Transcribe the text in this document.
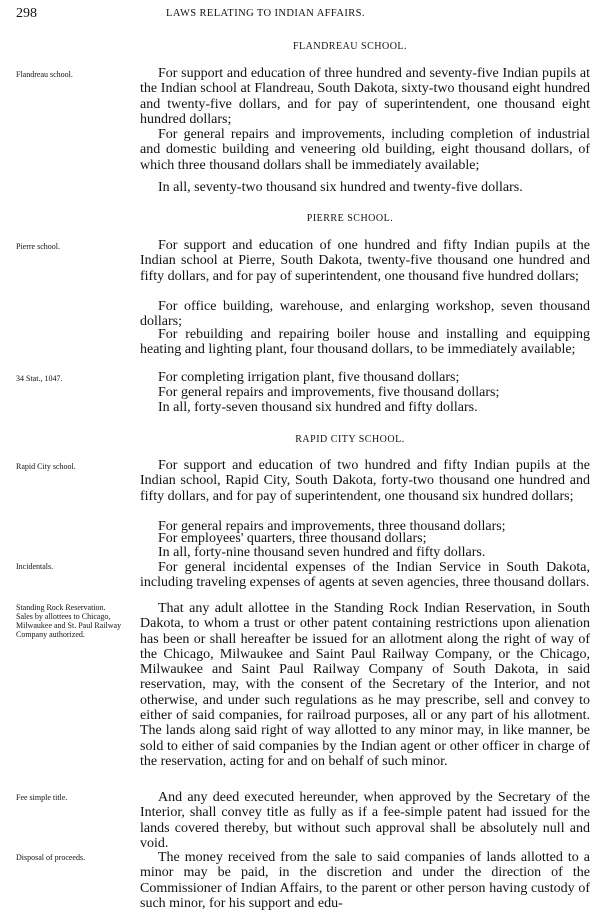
298	LAWS RELATING TO INDIAN AFFAIRS.
FLANDREAU SCHOOL.
Flandreau school.	For support and education of three hundred and seventy-five Indian pupils at the Indian school at Flandreau, South Dakota, sixty-two thousand eight hundred and twenty-five dollars, and for pay of superintendent, one thousand eight hundred dollars;

For general repairs and improvements, including completion of industrial and domestic building and veneering old building, eight thousand dollars, of which three thousand dollars shall be immediately available;

In all, seventy-two thousand six hundred and twenty-five dollars.

PIERRE SCHOOL.
Pierre school.	For support and education of one hundred and fifty Indian pupils at the Indian school at Pierre, South Dakota, twenty-five thousand one hundred and fifty dollars, and for pay of superintendent, one thousand five hundred dollars;

For office building, warehouse, and enlarging workshop, seven thousand dollars;

For rebuilding and repairing boiler house and installing and equipping heating and lighting plant, four thousand dollars, to be immediately available;

34 Stat., 1047.	For completing irrigation plant, five thousand dollars;

For general repairs and improvements, five thousand dollars;

In all, forty-seven thousand six hundred and fifty dollars.

RAPID CITY SCHOOL.
Rapid City school.	For support and education of two hundred and fifty Indian pupils at the Indian school, Rapid City, South Dakota, forty-two thousand one hundred and fifty dollars, and for pay of superintendent, one thousand six hundred dollars;

For general repairs and improvements, three thousand dollars;

For employees' quarters, three thousand dollars;

In all, forty-nine thousand seven hundred and fifty dollars.

Incidentals.	For general incidental expenses of the Indian Service in South Dakota, including traveling expenses of agents at seven agencies, three thousand dollars.

Standing Rock Reservation.
Sales by allottees to Chicago, Milwaukee and St. Paul Railway Company authorized.

That any adult allottee in the Standing Rock Indian Reservation, in South Dakota, to whom a trust or other patent containing restrictions upon alienation has been or shall hereafter be issued for an allotment along the right of way of the Chicago, Milwaukee and Saint Paul Railway Company, or the Chicago, Milwaukee and Saint Paul Railway Company of South Dakota, in said reservation, may, with the consent of the Secretary of the Interior, and not otherwise, and under such regulations as he may prescribe, sell and convey to either of said companies, for railroad purposes, all or any part of his allotment. The lands along said right of way allotted to any minor may, in like manner, be sold to either of said companies by the Indian agent or other officer in charge of the reservation, acting for and on behalf of such minor.

Fee simple title.	And any deed executed hereunder, when approved by the Secretary of the Interior, shall convey title as fully as if a fee-simple patent had issued for the lands covered thereby, but without such approval shall be absolutely null and void.

Disposal of proceeds.	The money received from the sale to said companies of lands allotted to a minor may be paid, in the discretion and under the direction of the Commissioner of Indian Affairs, to the parent or other person having custody of such minor, for his support and edu-
